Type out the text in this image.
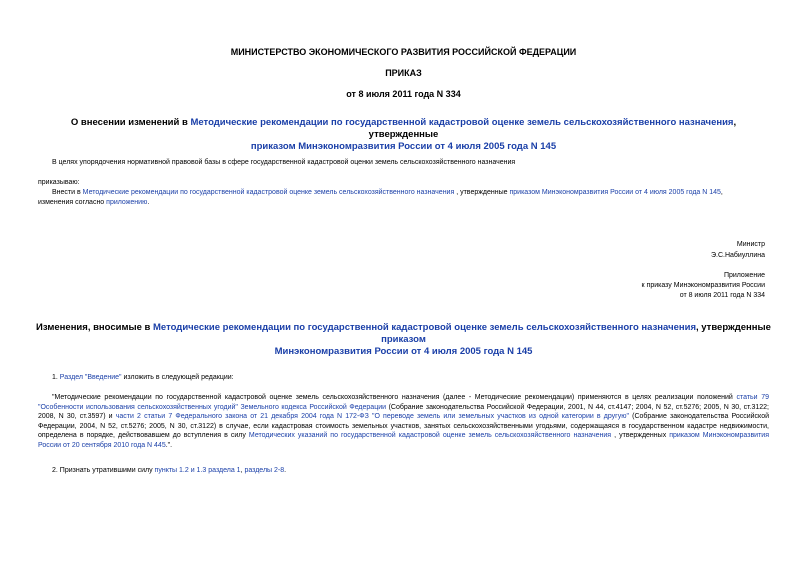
МИНИСТЕРСТВО ЭКОНОМИЧЕСКОГО РАЗВИТИЯ РОССИЙСКОЙ ФЕДЕРАЦИИ
ПРИКАЗ
от 8 июля 2011 года N 334
О внесении изменений в Методические рекомендации по государственной кадастровой оценке земель сельскохозяйственного назначения, утвержденные
приказом Минэкономразвития России от 4 июля 2005 года N 145
В целях упорядочения нормативной правовой базы в сфере государственной кадастровой оценки земель сельскохозяйственного назначения
приказываю:
Внести в Методические рекомендации по государственной кадастровой оценке земель сельскохозяйственного назначения , утвержденные приказом Минэкономразвития России от 4 июля 2005 года N 145,
изменения согласно приложению.
Министр
Э.С.Набиуллина
Приложение
к приказу Минэкономразвития России
от 8 июля 2011 года N 334
Изменения, вносимые в Методические рекомендации по государственной кадастровой оценке земель сельскохозяйственного назначения, утвержденные приказом
Минэкономразвития России от 4 июля 2005 года N 145
1. Раздел "Введение" изложить в следующей редакции:
"Методические рекомендации по государственной кадастровой оценке земель сельскохозяйственного назначения (далее - Методические рекомендации) применяются в целях реализации положений статьи 79 "Особенности использования сельскохозяйственных угодий" Земельного кодекса Российской Федерации (Собрание законодательства Российской Федерации, 2001, N 44, ст.4147; 2004, N 52, ст.5276; 2005, N 30, ст.3122; 2008, N 30, ст.3597) и части 2 статьи 7 Федерального закона от 21 декабря 2004 года N 172-ФЗ "О переводе земель или земельных участков из одной категории в другую" (Собрание законодательства Российской Федерации, 2004, N 52, ст.5276; 2005, N 30, ст.3122) в случае, если кадастровая стоимость земельных участков, занятых сельскохозяйственными угодьями, содержащаяся в государственном кадастре недвижимости, определена в порядке, действовавшем до вступления в силу Методических указаний по государственной кадастровой оценке земель сельскохозяйственного назначения , утвержденных приказом Минэкономразвития России от 20 сентября 2010 года N 445.".
2. Признать утратившими силу пункты 1.2 и 1.3 раздела 1, разделы 2-8.
